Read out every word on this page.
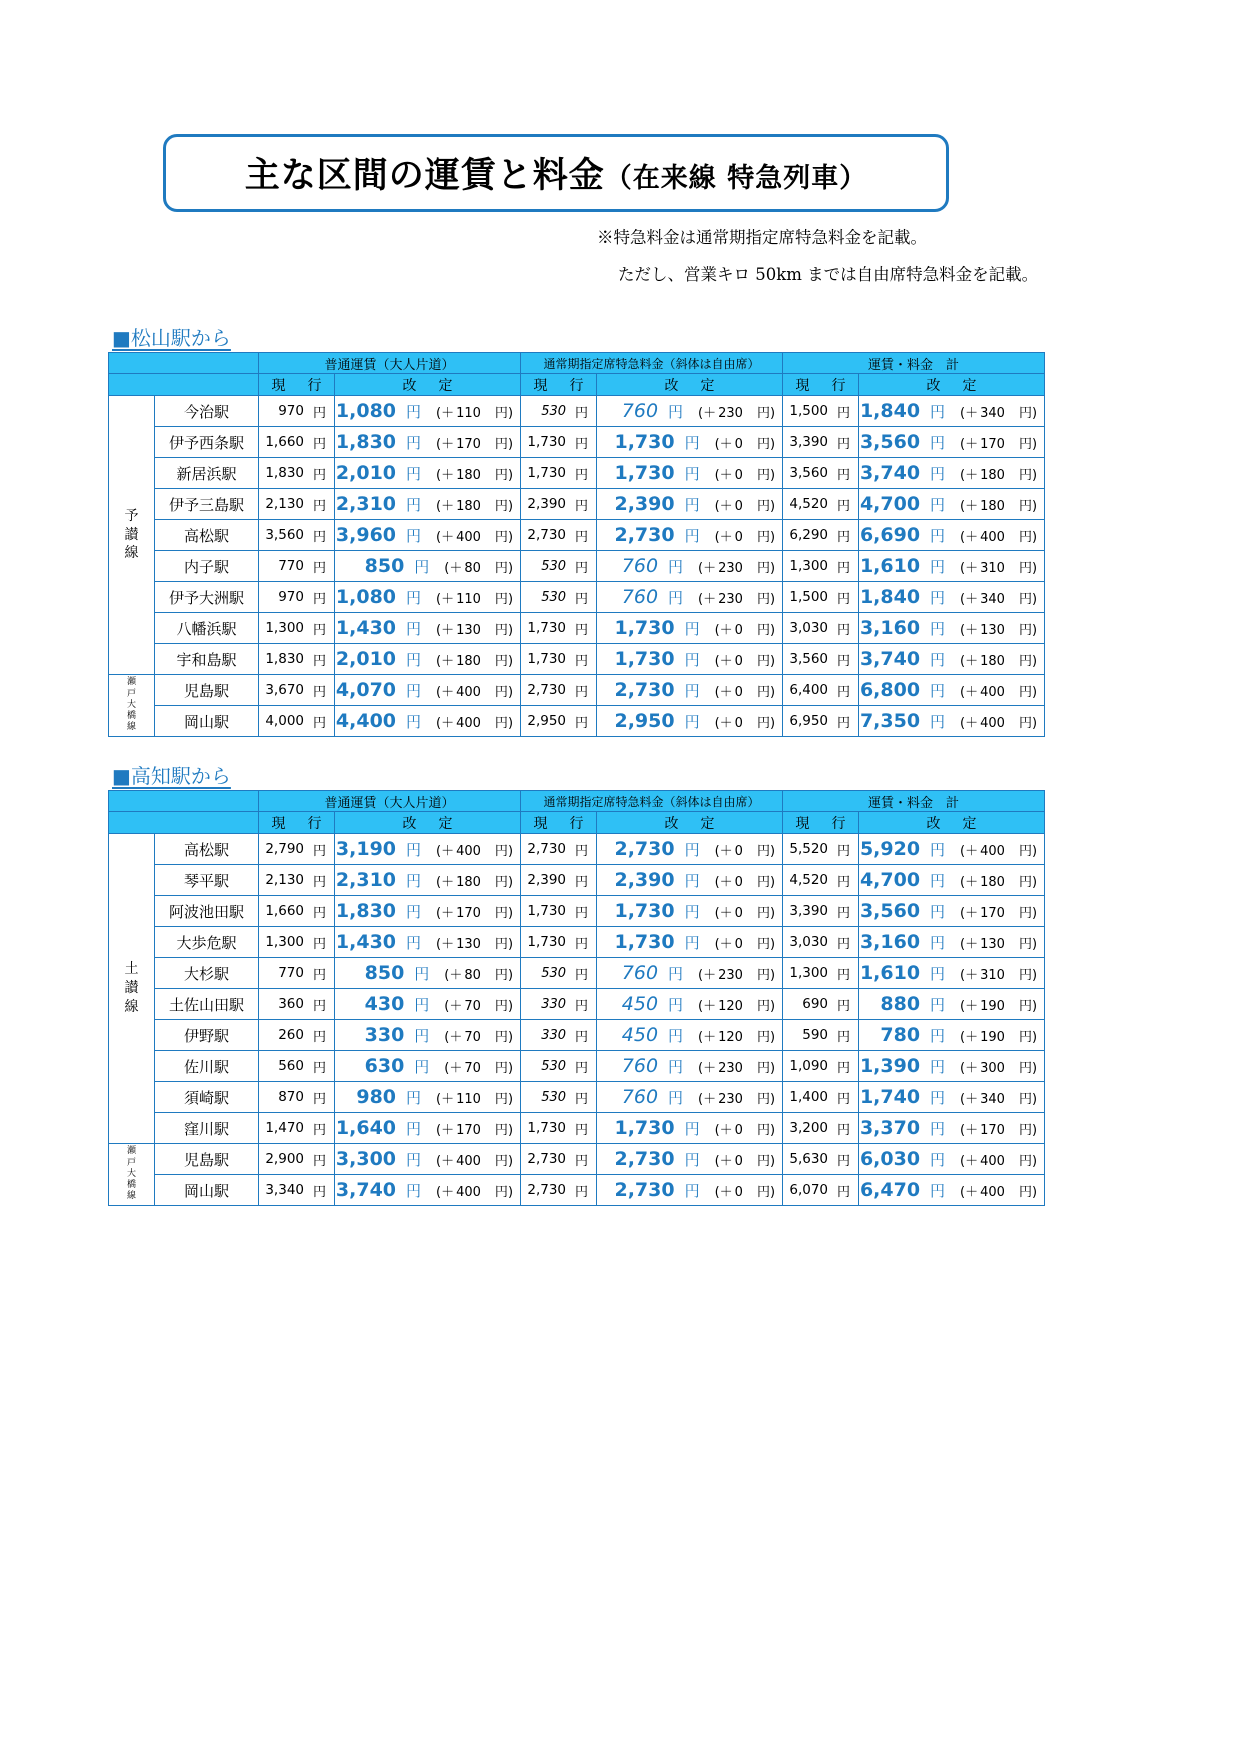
主な区間の運賃と料金（在来線 特急列車）
※特急料金は通常期指定席特急料金を記載。
ただし、営業キロ 50km までは自由席特急料金を記載。
■松山駅から
■高知駅から
		普通運賃（大人片道）		通常期指定席特急料金（斜体は自由席）		運賃・料金　計	
		現　行	改　定	現　行	改　定	現　行	改　定

予
讃
線	今治駅	970 円	1,080 円 (＋ 110 円)	530 円	760 円 (＋ 230 円)	1,500 円	1,840 円 (＋ 340 円)

	伊予西条駅	1,660 円	1,830 円 (＋ 170 円)	1,730 円	1,730 円 (＋ 0 円)	3,390 円	3,560 円 (＋ 170 円)

	新居浜駅	1,830 円	2,010 円 (＋ 180 円)	1,730 円	1,730 円 (＋ 0 円)	3,560 円	3,740 円 (＋ 180 円)

	伊予三島駅	2,130 円	2,310 円 (＋ 180 円)	2,390 円	2,390 円 (＋ 0 円)	4,520 円	4,700 円 (＋ 180 円)

	高松駅	3,560 円	3,960 円 (＋ 400 円)	2,730 円	2,730 円 (＋ 0 円)	6,290 円	6,690 円 (＋ 400 円)

	内子駅	770 円	850 円 (＋ 80 円)	530 円	760 円 (＋ 230 円)	1,300 円	1,610 円 (＋ 310 円)

	伊予大洲駅	970 円	1,080 円 (＋ 110 円)	530 円	760 円 (＋ 230 円)	1,500 円	1,840 円 (＋ 340 円)

	八幡浜駅	1,300 円	1,430 円 (＋ 130 円)	1,730 円	1,730 円 (＋ 0 円)	3,030 円	3,160 円 (＋ 130 円)

	宇和島駅	1,830 円	2,010 円 (＋ 180 円)	1,730 円	1,730 円 (＋ 0 円)	3,560 円	3,740 円 (＋ 180 円)

瀬
戸
大
橋
線	児島駅	3,670 円	4,070 円 (＋ 400 円)	2,730 円	2,730 円 (＋ 0 円)	6,400 円	6,800 円 (＋ 400 円)

	岡山駅	4,000 円	4,400 円 (＋ 400 円)	2,950 円	2,950 円 (＋ 0 円)	6,950 円	7,350 円 (＋ 400 円)
		普通運賃（大人片道）		通常期指定席特急料金（斜体は自由席）		運賃・料金　計	
		現　行	改　定	現　行	改　定	現　行	改　定

土
讃
線	高松駅	2,790 円	3,190 円 (＋ 400 円)	2,730 円	2,730 円 (＋ 0 円)	5,520 円	5,920 円 (＋ 400 円)

	琴平駅	2,130 円	2,310 円 (＋ 180 円)	2,390 円	2,390 円 (＋ 0 円)	4,520 円	4,700 円 (＋ 180 円)

	阿波池田駅	1,660 円	1,830 円 (＋ 170 円)	1,730 円	1,730 円 (＋ 0 円)	3,390 円	3,560 円 (＋ 170 円)

	大歩危駅	1,300 円	1,430 円 (＋ 130 円)	1,730 円	1,730 円 (＋ 0 円)	3,030 円	3,160 円 (＋ 130 円)

	大杉駅	770 円	850 円 (＋ 80 円)	530 円	760 円 (＋ 230 円)	1,300 円	1,610 円 (＋ 310 円)

	土佐山田駅	360 円	430 円 (＋ 70 円)	330 円	450 円 (＋ 120 円)	690 円	880 円 (＋ 190 円)

	伊野駅	260 円	330 円 (＋ 70 円)	330 円	450 円 (＋ 120 円)	590 円	780 円 (＋ 190 円)

	佐川駅	560 円	630 円 (＋ 70 円)	530 円	760 円 (＋ 230 円)	1,090 円	1,390 円 (＋ 300 円)

	須崎駅	870 円	980 円 (＋ 110 円)	530 円	760 円 (＋ 230 円)	1,400 円	1,740 円 (＋ 340 円)

	窪川駅	1,470 円	1,640 円 (＋ 170 円)	1,730 円	1,730 円 (＋ 0 円)	3,200 円	3,370 円 (＋ 170 円)

瀬
戸
大
橋
線	児島駅	2,900 円	3,300 円 (＋ 400 円)	2,730 円	2,730 円 (＋ 0 円)	5,630 円	6,030 円 (＋ 400 円)

	岡山駅	3,340 円	3,740 円 (＋ 400 円)	2,730 円	2,730 円 (＋ 0 円)	6,070 円	6,470 円 (＋ 400 円)
